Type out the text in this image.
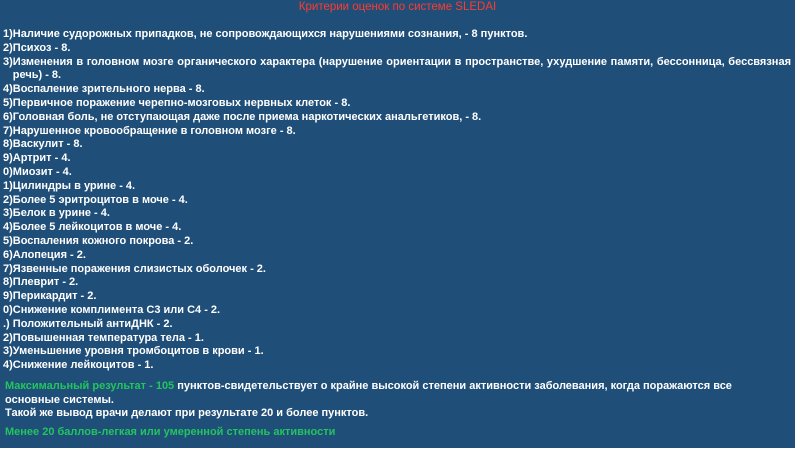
Критерии оценок по системе SLEDAI
1) Наличие судорожных припадков, не сопровождающихся нарушениями сознания, - 8 пунктов.
2) Психоз - 8.
3) Изменения в головном мозге органического характера (нарушение ориентации в пространстве, ухудшение памяти, бессонница, бессвязная речь) - 8.
4) Воспаление зрительного нерва - 8.
5) Первичное поражение черепно-мозговых нервных клеток - 8.
6) Головная боль, не отступающая даже после приема наркотических анальгетиков, - 8.
7) Нарушенное кровообращение в головном мозге - 8.
8) Васкулит - 8.
9) Артрит - 4.
0) Миозит - 4.
1) Цилиндры в урине - 4.
2) Более 5 эритроцитов в моче - 4.
3) Белок в урине - 4.
4) Более 5 лейкоцитов в моче - 4.
5) Воспаления кожного покрова - 2.
6) Алопеция - 2.
7) Язвенные поражения слизистых оболочек - 2.
8) Плеврит - 2.
9) Перикардит - 2.
0) Снижение комплимента С3 или С4 - 2.
.) Положительный антиДНК - 2.
2) Повышенная температура тела - 1.
3) Уменьшение уровня тромбоцитов в крови - 1.
4) Снижение лейкоцитов - 1.
Максимальный результат - 105 пунктов-свидетельствует о крайне высокой степени активности заболевания, когда поражаются все основные системы.
Такой же вывод врачи делают при результате 20 и более пунктов.
Менее 20 баллов-легкая или умеренной степень активности
